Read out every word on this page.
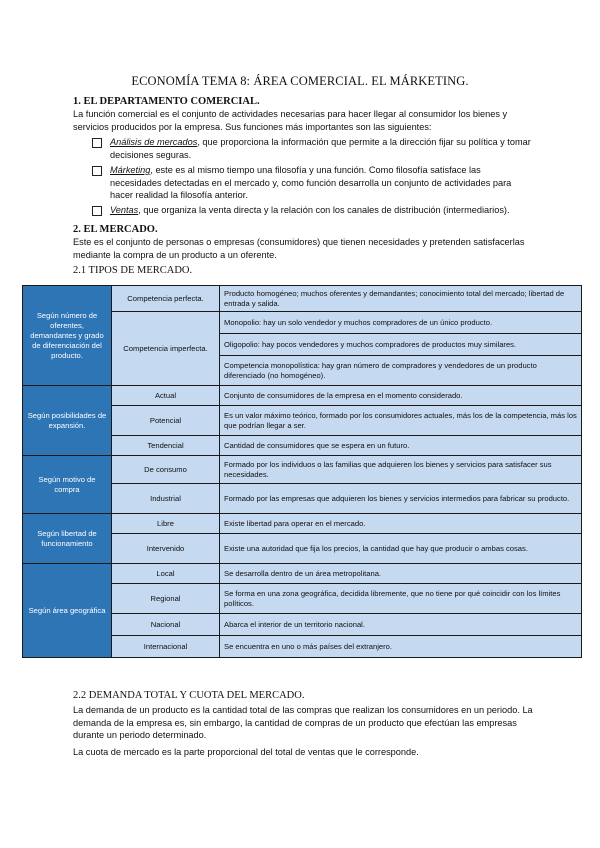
ECONOMÍA TEMA 8: ÁREA COMERCIAL. EL MÁRKETING.
1. EL DEPARTAMENTO COMERCIAL.
La función comercial es el conjunto de actividades necesarias para hacer llegar al consumidor los bienes y servicios producidos por la empresa. Sus funciones más importantes son las siguientes:
Análisis de mercados, que proporciona la información que permite a la dirección fijar su política y tomar decisiones seguras.
Márketing, este es al mismo tiempo una filosofía y una función. Como filosofía satisface las necesidades detectadas en el mercado y, como función desarrolla un conjunto de actividades para hacer realidad la filosofía anterior.
Ventas, que organiza la venta directa y la relación con los canales de distribución (intermediarios).
2. EL MERCADO.
Este es el conjunto de personas o empresas (consumidores) que tienen necesidades y pretenden satisfacerlas mediante la compra de un producto a un oferente.
2.1 TIPOS DE MERCADO.
Según número de oferentes, demandantes y grado de diferenciación del producto.	Competencia perfecta.	Producto homogéneo; muchos oferentes y demandantes; conocimiento total del mercado; libertad de entrada y salida.
	Competencia imperfecta.	Monopolio: hay un solo vendedor y muchos compradores de un único producto.
		Oligopolio: hay pocos vendedores y muchos compradores de productos muy similares.
		Competencia monopolística: hay gran número de compradores y vendedores de un producto diferenciado (no homogéneo).
Según posibilidades de expansión.	Actual	Conjunto de consumidores de la empresa en el momento considerado.
	Potencial	Es un valor máximo teórico, formado por los consumidores actuales, más los de la competencia, más los que podrían llegar a ser.
	Tendencial	Cantidad de consumidores que se espera en un futuro.
Según motivo de compra	De consumo	Formado por los individuos o las familias que adquieren los bienes y servicios para satisfacer sus necesidades.
	Industrial	Formado por las empresas que adquieren los bienes y servicios intermedios para fabricar su producto.
Según libertad de funcionamiento	Libre	Existe libertad para operar en el mercado.
	Intervenido	Existe una autoridad que fija los precios, la cantidad que hay que producir o ambas cosas.
Según área geográfica	Local	Se desarrolla dentro de un área metropolitana.
	Regional	Se forma en una zona geográfica, decidida libremente, que no tiene por qué coincidir con los límites políticos.
	Nacional	Abarca el interior de un territorio nacional.
	Internacional	Se encuentra en uno o más países del extranjero.
2.2 DEMANDA TOTAL Y CUOTA DEL MERCADO.
La demanda de un producto es la cantidad total de las compras que realizan los consumidores en un periodo. La demanda de la empresa es, sin embargo, la cantidad de compras de un producto que efectúan las empresas durante un periodo determinado.
La cuota de mercado es la parte proporcional del total de ventas que le corresponde.
